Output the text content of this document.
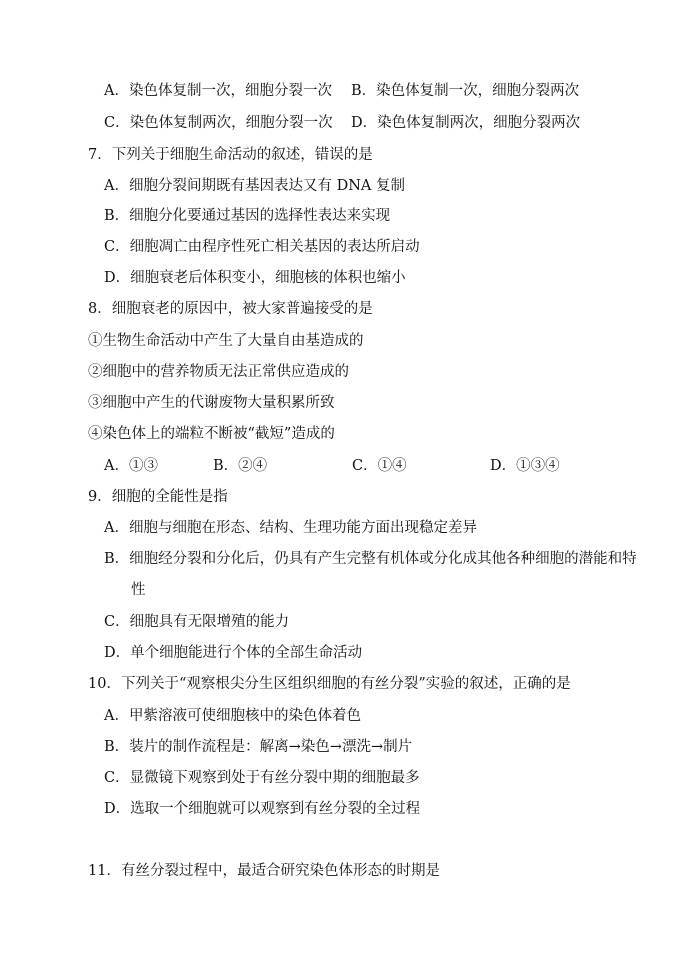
A．染色体复制一次，细胞分裂一次 B．染色体复制一次，细胞分裂两次
C．染色体复制两次，细胞分裂一次 D．染色体复制两次，细胞分裂两次
7．下列关于细胞生命活动的叙述，错误的是
A．细胞分裂间期既有基因表达又有 DNA 复制
B．细胞分化要通过基因的选择性表达来实现
C．细胞凋亡由程序性死亡相关基因的表达所启动
D．细胞衰老后体积变小，细胞核的体积也缩小
8．细胞衰老的原因中，被大家普遍接受的是
①生物生命活动中产生了大量自由基造成的
②细胞中的营养物质无法正常供应造成的
③细胞中产生的代谢废物大量积累所致
④染色体上的端粒不断被“截短”造成的
A．①③	B．②④	C．①④	D．①③④
9．细胞的全能性是指
A．细胞与细胞在形态、结构、生理功能方面出现稳定差异
B．细胞经分裂和分化后，仍具有产生完整有机体或分化成其他各种细胞的潜能和特
性
C．细胞具有无限增殖的能力
D．单个细胞能进行个体的全部生命活动
10．下列关于“观察根尖分生区组织细胞的有丝分裂”实验的叙述，正确的是
A．甲紫溶液可使细胞核中的染色体着色
B．装片的制作流程是：解离→染色→漂洗→制片
C．显微镜下观察到处于有丝分裂中期的细胞最多
D．选取一个细胞就可以观察到有丝分裂的全过程
11．有丝分裂过程中，最适合研究染色体形态的时期是
